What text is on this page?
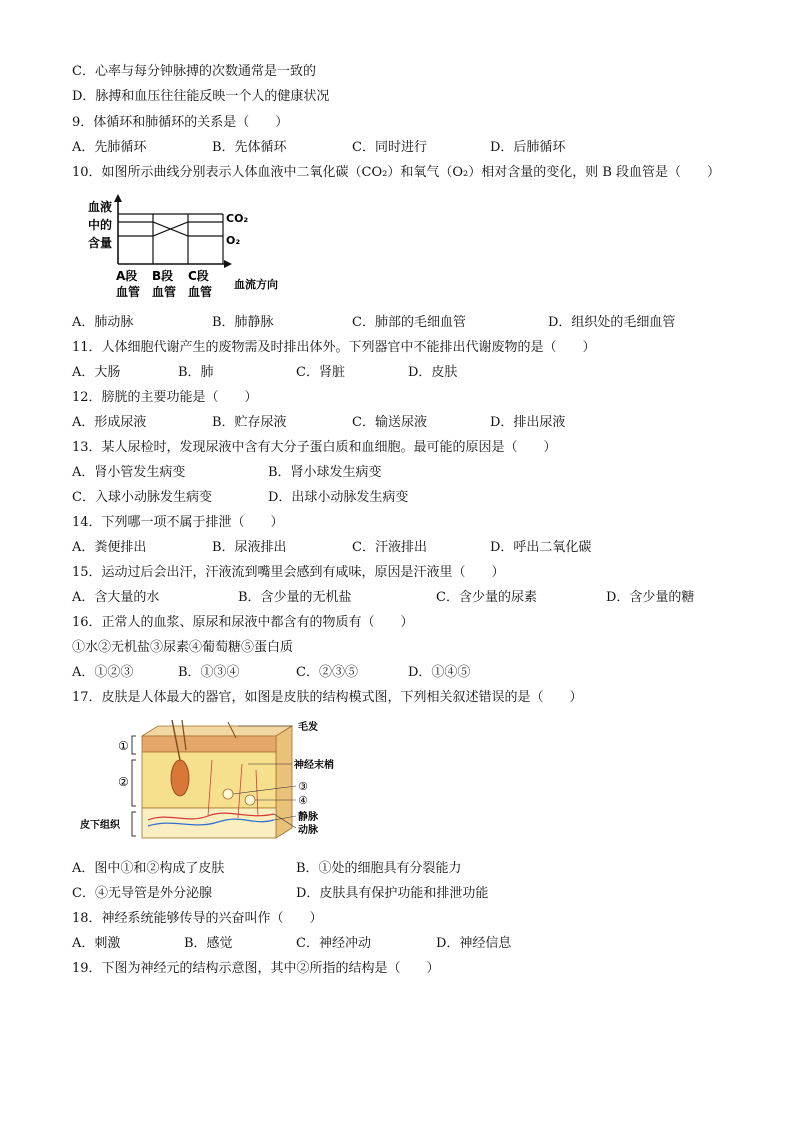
C．心率与每分钟脉搏的次数通常是一致的
D．脉搏和血压往往能反映一个人的健康状况
9．体循环和肺循环的关系是（　　）
A．先肺循环	B．先体循环	C．同时进行	D．后肺循环
10．如图所示曲线分别表示人体血液中二氧化碳（CO₂）和氧气（O₂）相对含量的变化，则 B 段血管是（　　）
血液
中的
含量
CO₂
O₂
A段
血管
B段
血管
C段
血管
血流方向
A．肺动脉	B．肺静脉	C．肺部的毛细血管	D．组织处的毛细血管
11．人体细胞代谢产生的废物需及时排出体外。下列器官中不能排出代谢废物的是（　　）
A．大肠	B．肺	C．肾脏	D．皮肤
12．膀胱的主要功能是（　　）
A．形成尿液	B．贮存尿液	C．输送尿液	D．排出尿液
13．某人尿检时，发现尿液中含有大分子蛋白质和血细胞。最可能的原因是（　　）
A．肾小管发生病变	B．肾小球发生病变
C．入球小动脉发生病变	D．出球小动脉发生病变
14．下列哪一项不属于排泄（　　）
A．粪便排出	B．尿液排出	C．汗液排出	D．呼出二氧化碳
15．运动过后会出汗，汗液流到嘴里会感到有咸味，原因是汗液里（　　）
A．含大量的水	B．含少量的无机盐	C．含少量的尿素	D．含少量的糖
16．正常人的血浆、原尿和尿液中都含有的物质有（　　）
①水②无机盐③尿素④葡萄糖⑤蛋白质
A．①②③	B．①③④	C．②③⑤	D．①④⑤
17．皮肤是人体最大的器官，如图是皮肤的结构模式图，下列相关叙述错误的是（　　）
①
②
皮下组织
毛发
神经末梢
③
④
静脉
动脉
A．图中①和②构成了皮肤	B．①处的细胞具有分裂能力
C．④无导管是外分泌腺	D．皮肤具有保护功能和排泄功能
18．神经系统能够传导的兴奋叫作（　　）
A．刺激	B．感觉	C．神经冲动	D．神经信息
19．下图为神经元的结构示意图，其中②所指的结构是（　　）
